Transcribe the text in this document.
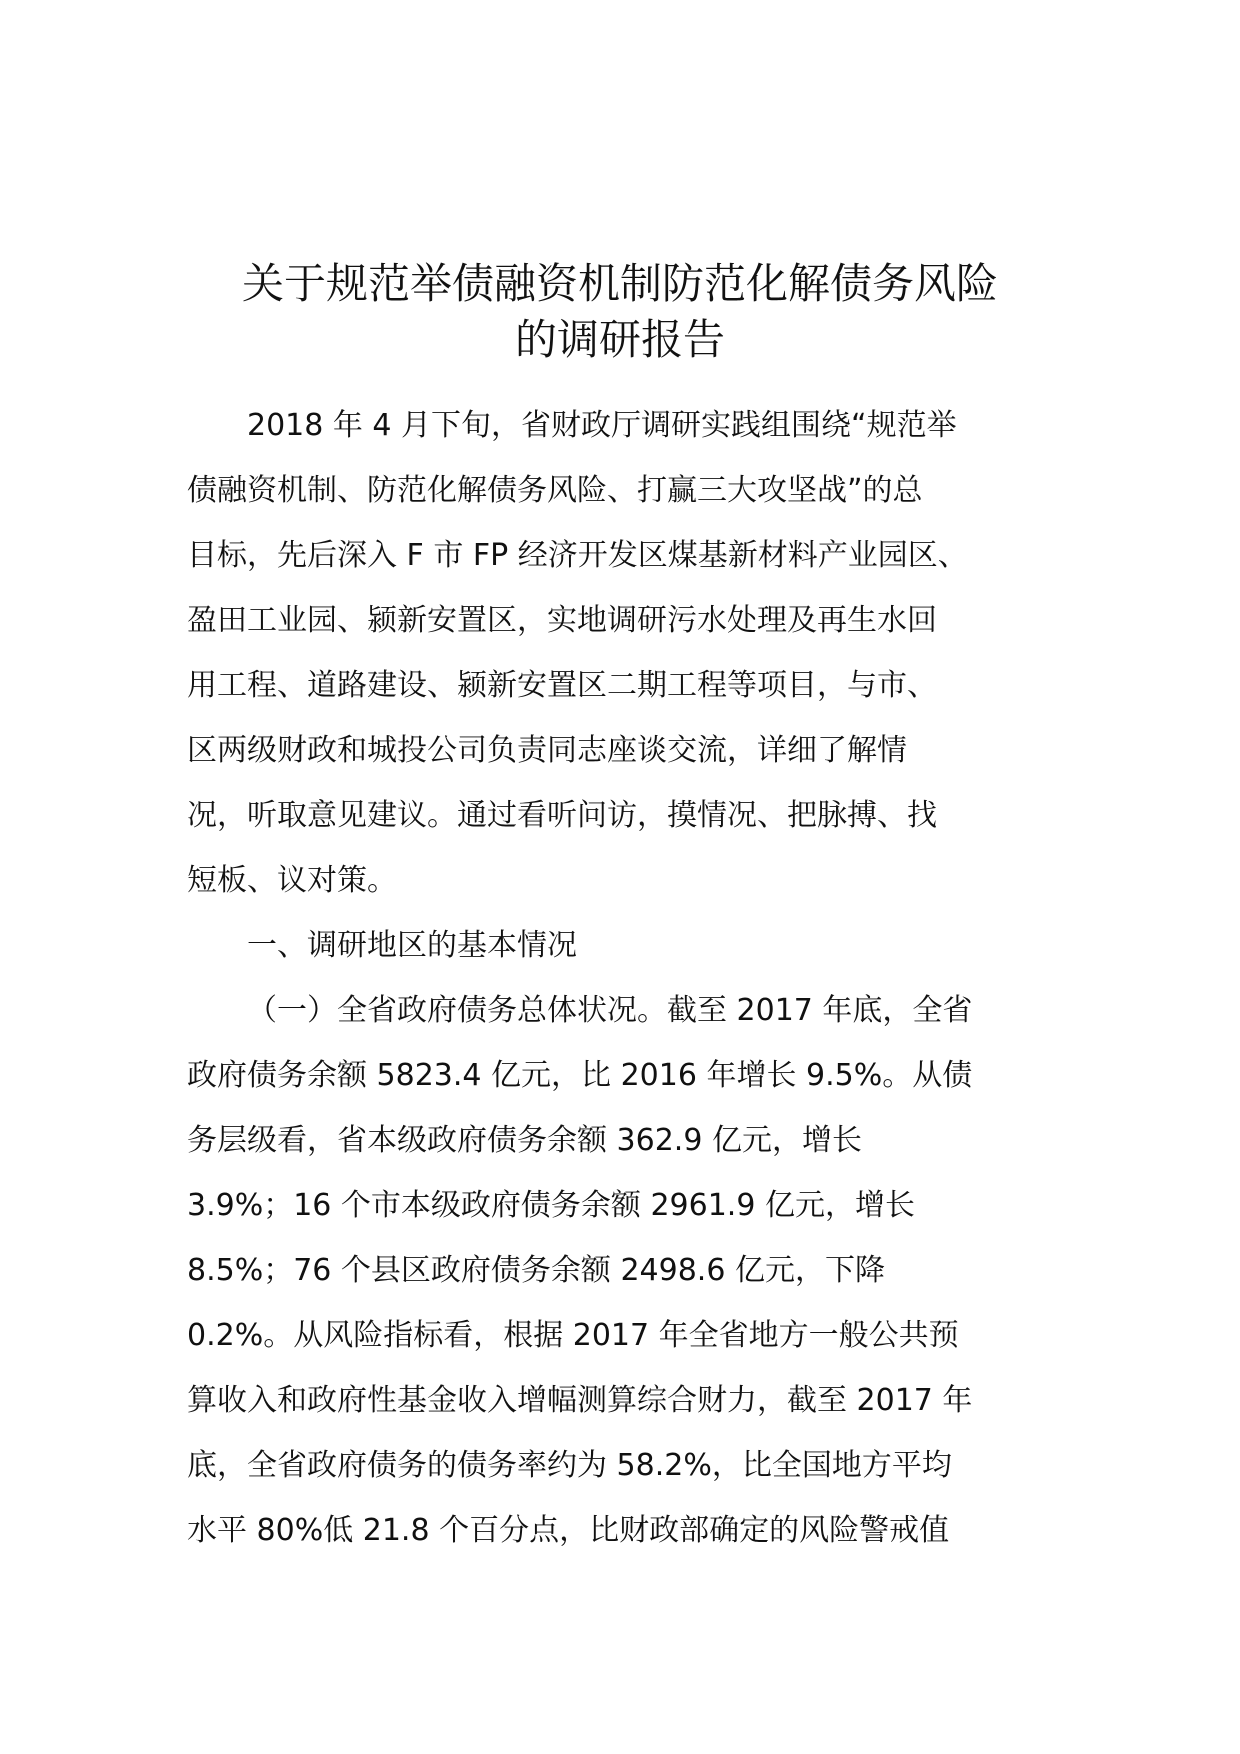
关于规范举债融资机制防范化解债务风险
的调研报告
2018 年 4 月下旬，省财政厅调研实践组围绕“规范举
债融资机制、防范化解债务风险、打赢三大攻坚战”的总
目标，先后深入 F 市 FP 经济开发区煤基新材料产业园区、
盈田工业园、颍新安置区，实地调研污水处理及再生水回
用工程、道路建设、颍新安置区二期工程等项目，与市、
区两级财政和城投公司负责同志座谈交流，详细了解情
况，听取意见建议。通过看听问访，摸情况、把脉搏、找
短板、议对策。
一、调研地区的基本情况
（一）全省政府债务总体状况。截至 2017 年底，全省
政府债务余额 5823.4 亿元，比 2016 年增长 9.5%。从债
务层级看，省本级政府债务余额 362.9 亿元，增长
3.9%；16 个市本级政府债务余额 2961.9 亿元，增长
8.5%；76 个县区政府债务余额 2498.6 亿元，下降
0.2%。从风险指标看，根据 2017 年全省地方一般公共预
算收入和政府性基金收入增幅测算综合财力，截至 2017 年
底，全省政府债务的债务率约为 58.2%，比全国地方平均
水平 80%低 21.8 个百分点，比财政部确定的风险警戒值
